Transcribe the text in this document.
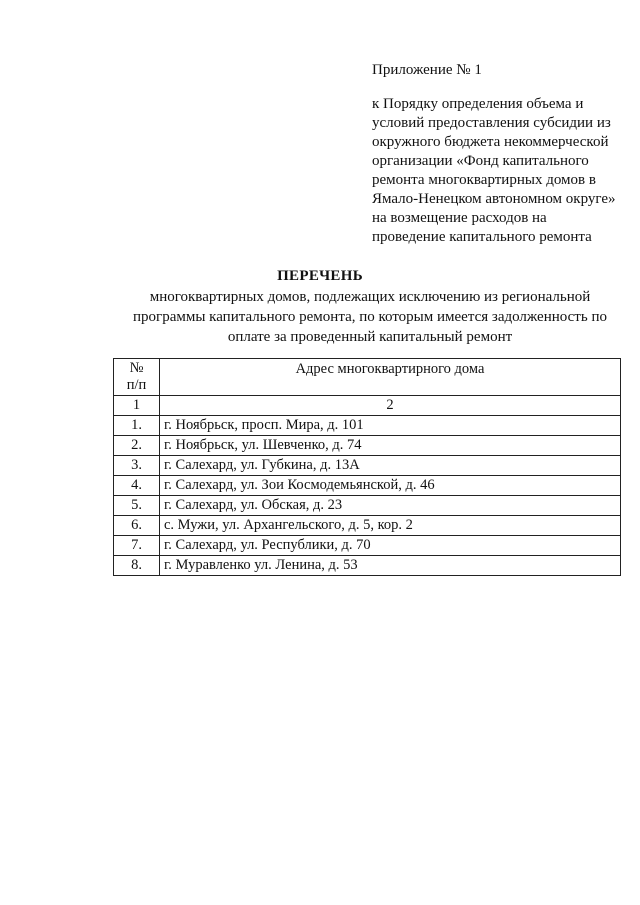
Приложение № 1
к Порядку определения объема и
условий предоставления субсидии из
окружного бюджета некоммерческой
организации «Фонд капитального
ремонта многоквартирных домов в
Ямало-Ненецком автономном округе»
на возмещение расходов на
проведение капитального ремонта
ПЕРЕЧЕНЬ
многоквартирных домов, подлежащих исключению из региональной
программы капитального ремонта, по которым имеется задолженность по
оплате за проведенный капитальный ремонт
№
п/п	Адрес многоквартирного дома
1	2
1.	г. Ноябрьск, просп. Мира, д. 101
2.	г. Ноябрьск, ул. Шевченко, д. 74
3.	г. Салехард, ул. Губкина, д. 13А
4.	г. Салехард, ул. Зои Космодемьянской, д. 46
5.	г. Салехард, ул. Обская, д. 23
6.	с. Мужи, ул. Архангельского, д. 5, кор. 2
7.	г. Салехард, ул. Республики, д. 70
8.	г. Муравленко ул. Ленина, д. 53
